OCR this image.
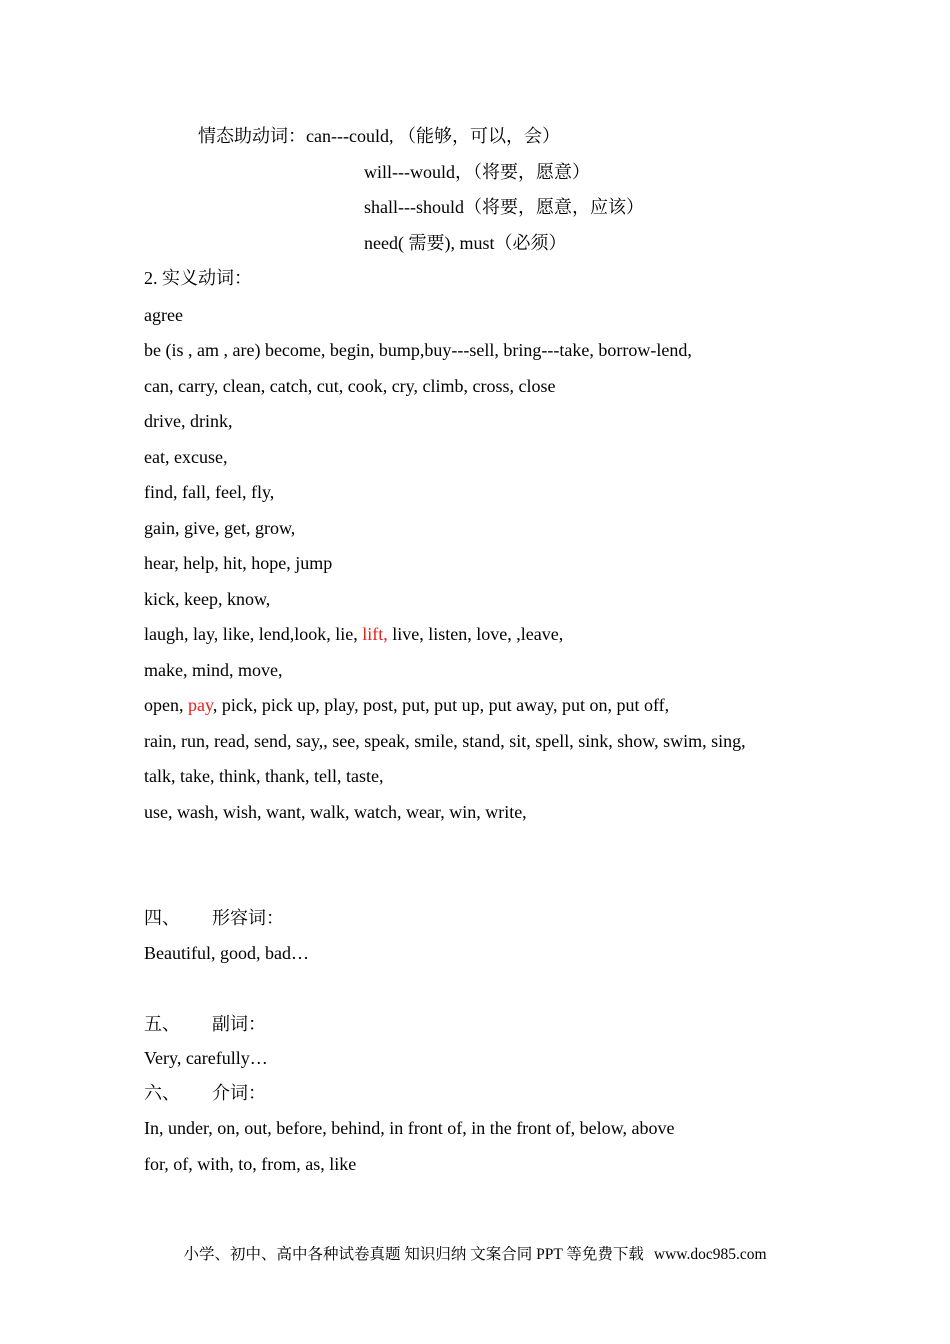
情态助动词：can---could, （能够，可以，会）
will---would，（将要，愿意）
shall---should（将要，愿意，应该）
need( 需要), must（必须）
2. 实义动词：
agree
be (is , am , are) become, begin, bump,buy---sell, bring---take, borrow-lend,
can, carry, clean, catch, cut, cook, cry, climb, cross, close
drive, drink,
eat, excuse,
find, fall, feel, fly,
gain, give, get, grow,
hear, help, hit, hope, jump
kick, keep, know,
laugh, lay, like, lend,look, lie, lift, live, listen, love, ,leave,
make, mind, move,
open, pay, pick, pick up, play, post, put, put up, put away, put on, put off,
rain, run, read, send, say,, see, speak, smile, stand, sit, spell, sink, show, swim, sing,
talk, take, think, thank, tell, taste,
use, wash, wish, want, walk, watch, wear, win, write,
四、 形容词：
Beautiful, good, bad…
五、 副词：
Very, carefully…
六、 介词：
In, under, on, out, before, behind, in front of, in the front of, below, above
for, of, with, to, from, as, like
小学、初中、高中各种试卷真题 知识归纳 文案合同 PPT 等免费下载 www.doc985.com
